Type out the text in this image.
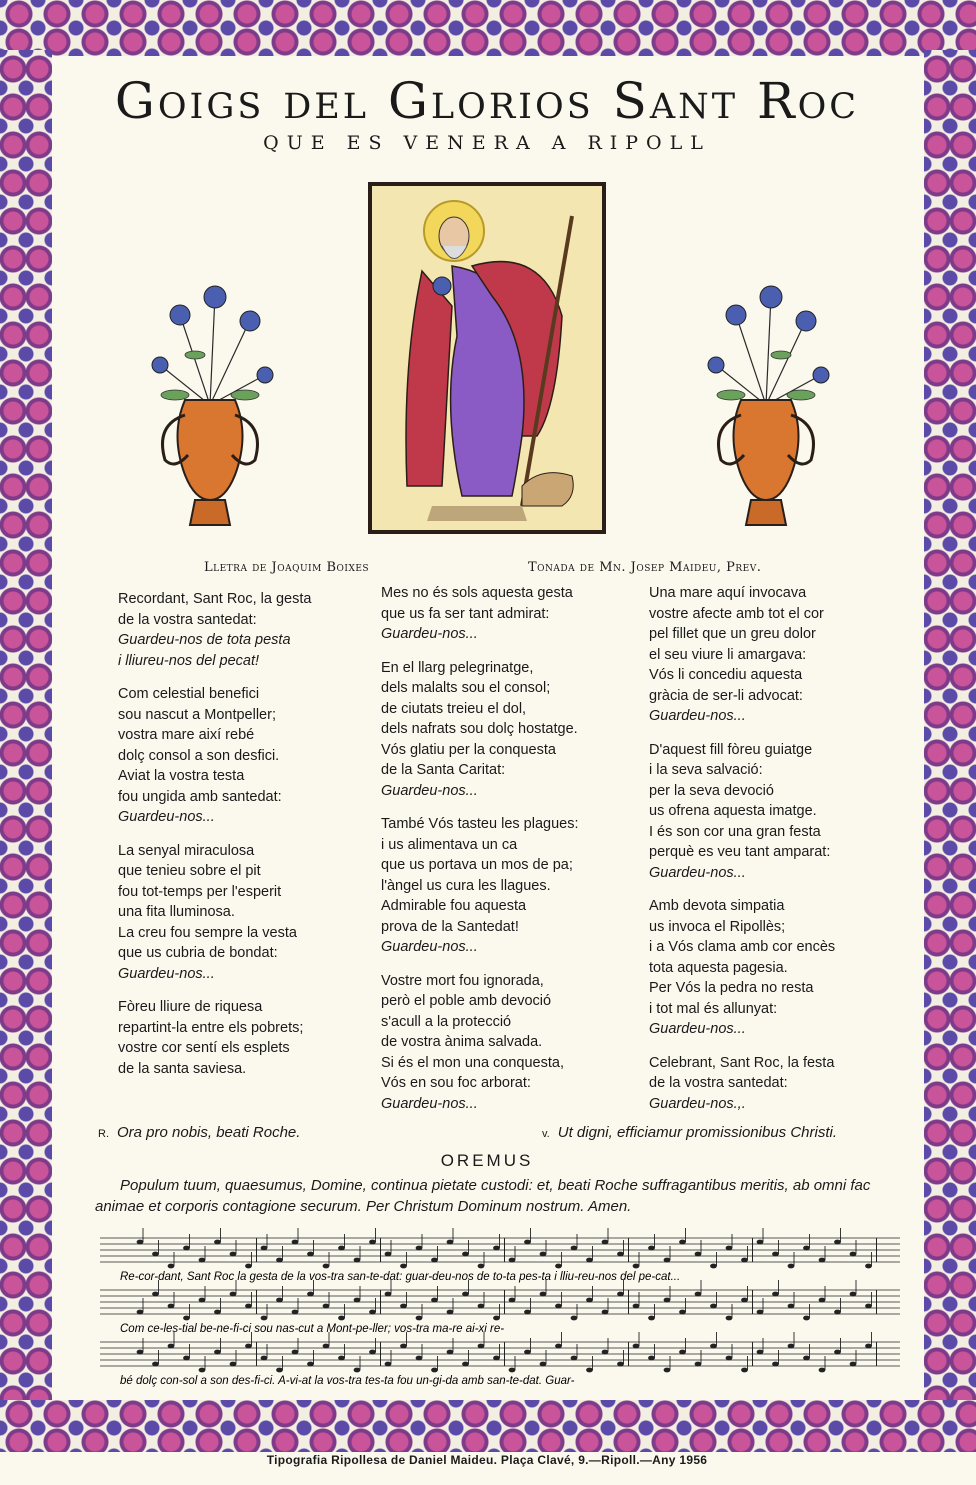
Goigs del Glorios Sant Roc
QUE ES VENERA A RIPOLL
Lletra de Joaquim Boixes	Tonada de Mn. Josep Maideu, Prev.
Recordant, Sant Roc, la gesta
de la vostra santedat:
Guardeu-nos de tota pesta
i lliureu-nos del pecat!
Com celestial benefici
sou nascut a Montpeller;
vostra mare així rebé
dolç consol a son desfici.
Aviat la vostra testa
fou ungida amb santedat:
Guardeu-nos...
La senyal miraculosa
que tenieu sobre el pit
fou tot-temps per l'esperit
una fita lluminosa.
La creu fou sempre la vesta
que us cubria de bondat:
Guardeu-nos...
Fòreu lliure de riquesa
repartint-la entre els pobrets;
vostre cor sentí els esplets
de la santa saviesa.
Mes no és sols aquesta gesta
que us fa ser tant admirat:
Guardeu-nos...
En el llarg pelegrinatge,
dels malalts sou el consol;
de ciutats treieu el dol,
dels nafrats sou dolç hostatge.
Vós glatiu per la conquesta
de la Santa Caritat:
Guardeu-nos...
També Vós tasteu les plagues:
i us alimentava un ca
que us portava un mos de pa;
l'àngel us cura les llagues.
Admirable fou aquesta
prova de la Santedat!
Guardeu-nos...
Vostre mort fou ignorada,
però el poble amb devoció
s'acull a la protecció
de vostra ànima salvada.
Si és el mon una conquesta,
Vós en sou foc arborat:
Guardeu-nos...
Una mare aquí invocava
vostre afecte amb tot el cor
pel fillet que un greu dolor
el seu viure li amargava:
Vós li concediu aquesta
gràcia de ser-li advocat:
Guardeu-nos...
D'aquest fill fòreu guiatge
i la seva salvació:
per la seva devoció
us ofrena aquesta imatge.
I és son cor una gran festa
perquè es veu tant amparat:
Guardeu-nos...
Amb devota simpatia
us invoca el Ripollès;
i a Vós clama amb cor encès
tota aquesta pagesia.
Per Vós la pedra no resta
i tot mal és allunyat:
Guardeu-nos...
Celebrant, Sant Roc, la festa
de la vostra santedat:
Guardeu-nos.,.
R. Ora pro nobis, beati Roche.	v. Ut digni, efficiamur promissionibus Christi.
OREMUS
Populum tuum, quaesumus, Domine, continua pietate custodi: et, beati Roche suffragantibus meritis, ab omni fac animae et corporis contagione securum. Per Christum Dominum nostrum. Amen.
Re-cor-dant, Sant Roc la gesta de la vos-tra san-te-dat: guar-deu-nos de to-ta pes-ta i lliu-reu-nos del pe-cat...
Com ce-les-tial be-ne-fi-ci sou nas-cut a Mont-pe-ller; vos-tra ma-re ai-xi re-
bé dolç con-sol a son des-fi-ci. A-vi-at la vos-tra tes-ta fou un-gi-da amb san-te-dat. Guar-
Tipografia Ripollesa de Daniel Maideu. Plaça Clavé, 9.—Ripoll.—Any 1956
